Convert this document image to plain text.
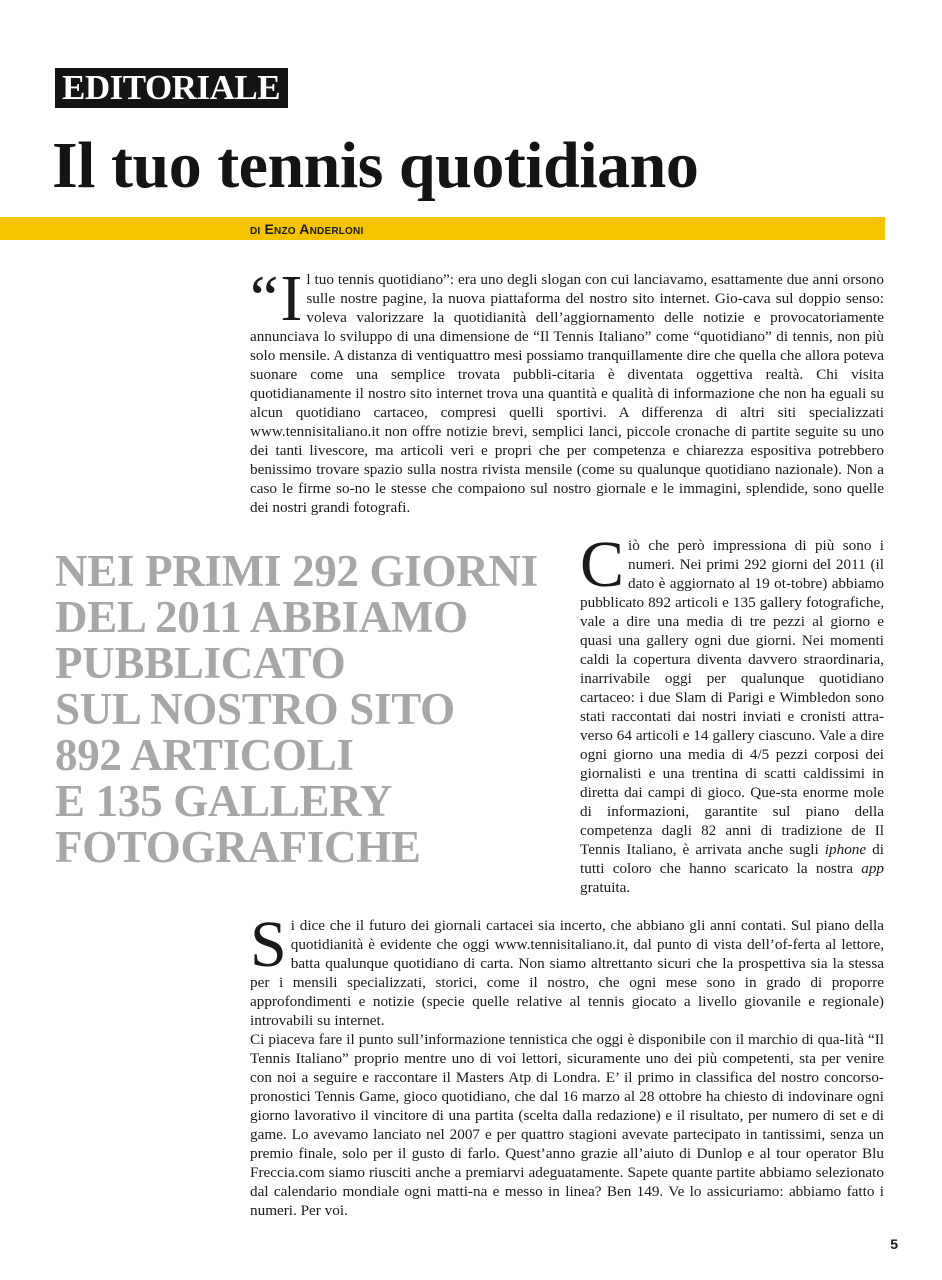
EDITORIALE
Il tuo tennis quotidiano
di Enzo Anderloni

“ I l tuo tennis quotidiano”: era uno degli slogan con cui lanciavamo, esattamente due anni orsono sulle nostre pagine, la nuova piattaforma del nostro sito internet. Gio-cava sul doppio senso: voleva valorizzare la quotidianità dell’aggiornamento delle notizie e provocatoriamente annunciava lo sviluppo di una dimensione de “Il Tennis Italiano” come “quotidiano” di tennis, non più solo mensile. A distanza di ventiquattro mesi possiamo tranquillamente dire che quella che allora poteva suonare come una semplice trovata pubbli-citaria è diventata oggettiva realtà. Chi visita quotidianamente il nostro sito internet trova una quantità e qualità di informazione che non ha eguali su alcun quotidiano cartaceo, compresi quelli sportivi. A differenza di altri siti specializzati www.tennisitaliano.it non offre notizie brevi, semplici lanci, piccole cronache di partite seguite su uno dei tanti livescore, ma articoli veri e propri che per competenza e chiarezza espositiva potrebbero benissimo trovare spazio sulla nostra rivista mensile (come su qualunque quotidiano nazionale). Non a caso le firme so-no le stesse che compaiono sul nostro giornale e le immagini, splendide, sono quelle dei nostri grandi fotografi.

NEI PRIMI 292 GIORNI
DEL 2011 ABBIAMO
PUBBLICATO
SUL NOSTRO SITO
892 ARTICOLI
E 135 GALLERY
FOTOGRAFICHE

Ciò che però impressiona di più sono i numeri. Nei primi 292 giorni del 2011 (il dato è aggiornato al 19 ot-tobre) abbiamo pubblicato 892 articoli e 135 gallery fotografiche, vale a dire una media di tre pezzi al giorno e quasi una gallery ogni due giorni. Nei momenti caldi la copertura diventa davvero straordinaria, inarrivabile oggi per qualunque quotidiano cartaceo: i due Slam di Parigi e Wimbledon sono stati raccontati dai nostri inviati e cronisti attra-verso 64 articoli e 14 gallery ciascuno. Vale a dire ogni giorno una media di 4/5 pezzi corposi dei giornalisti e una trentina di scatti caldissimi in diretta dai campi di gioco. Que-sta enorme mole di informazioni, garantite sul piano della competenza dagli 82 anni di tradizione de Il Tennis Italiano, è arrivata anche sugli iphone di tutti coloro che hanno scaricato la nostra app gratuita.

Si dice che il futuro dei giornali cartacei sia incerto, che abbiano gli anni contati. Sul piano della quotidianità è evidente che oggi www.tennisitaliano.it, dal punto di vista dell’of-ferta al lettore, batta qualunque quotidiano di carta. Non siamo altrettanto sicuri che la prospettiva sia la stessa per i mensili specializzati, storici, come il nostro, che ogni mese sono in grado di proporre approfondimenti e notizie (specie quelle relative al tennis giocato a livello giovanile e regionale) introvabili su internet.

Ci piaceva fare il punto sull’informazione tennistica che oggi è disponibile con il marchio di qua-lità “Il Tennis Italiano” proprio mentre uno di voi lettori, sicuramente uno dei più competenti, sta per venire con noi a seguire e raccontare il Masters Atp di Londra. E’ il primo in classifica del nostro concorso-pronostici Tennis Game, gioco quotidiano, che dal 16 marzo al 28 ottobre ha chiesto di indovinare ogni giorno lavorativo il vincitore di una partita (scelta dalla redazione) e il risultato, per numero di set e di game. Lo avevamo lanciato nel 2007 e per quattro stagioni avevate partecipato in tantissimi, senza un premio finale, solo per il gusto di farlo. Quest’anno grazie all’aiuto di Dunlop e al tour operator Blu Freccia.com siamo riusciti anche a premiarvi adeguatamente. Sapete quante partite abbiamo selezionato dal calendario mondiale ogni matti-na e messo in linea? Ben 149. Ve lo assicuriamo: abbiamo fatto i numeri. Per voi.

5
